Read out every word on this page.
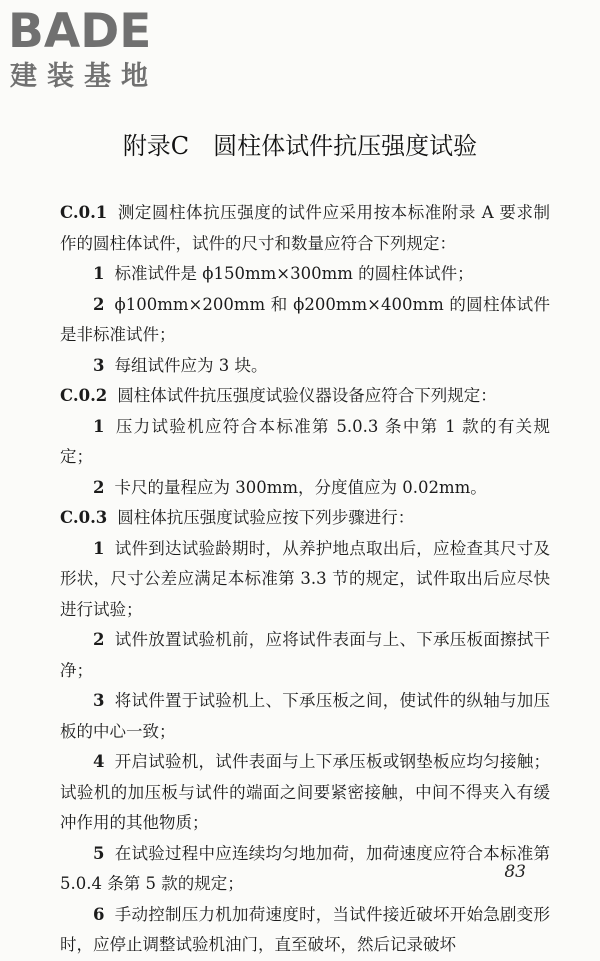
BADE
建装基地
附录C　圆柱体试件抗压强度试验

C.0.1 测定圆柱体抗压强度的试件应采用按本标准附录 A 要求制作的圆柱体试件，试件的尺寸和数量应符合下列规定：

1 标准试件是 ϕ150mm×300mm 的圆柱体试件；

2 ϕ100mm×200mm 和 ϕ200mm×400mm 的圆柱体试件是非标准试件；

3 每组试件应为 3 块。

C.0.2 圆柱体试件抗压强度试验仪器设备应符合下列规定：

1 压力试验机应符合本标准第 5.0.3 条中第 1 款的有关规定；

2 卡尺的量程应为 300mm，分度值应为 0.02mm。

C.0.3 圆柱体抗压强度试验应按下列步骤进行：

1 试件到达试验龄期时，从养护地点取出后，应检查其尺寸及形状，尺寸公差应满足本标准第 3.3 节的规定，试件取出后应尽快进行试验；

2 试件放置试验机前，应将试件表面与上、下承压板面擦拭干净；

3 将试件置于试验机上、下承压板之间，使试件的纵轴与加压板的中心一致；

4 开启试验机，试件表面与上下承压板或钢垫板应均匀接触；试验机的加压板与试件的端面之间要紧密接触，中间不得夹入有缓冲作用的其他物质；

5 在试验过程中应连续均匀地加荷，加荷速度应符合本标准第 5.0.4 条第 5 款的规定；

6 手动控制压力机加荷速度时，当试件接近破坏开始急剧变形时，应停止调整试验机油门，直至破坏，然后记录破坏

83
